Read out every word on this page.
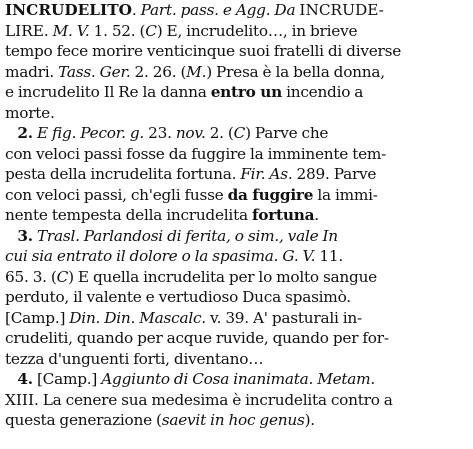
INCRUDELITO. Part. pass. e Agg. Da INCRUDE-
LIRE. M. V. 1. 52. (C) E, incrudelito…, in brieve
tempo fece morire venticinque suoi fratelli di diverse
madri. Tass. Ger. 2. 26. (M.) Presa è la bella donna,
e incrudelito Il Re la danna entro un incendio a
morte.
2. E fig. Pecor. g. 23. nov. 2. (C) Parve che
con veloci passi fosse da fuggire la imminente tem-
pesta della incrudelita fortuna. Fir. As. 289. Parve
con veloci passi, ch'egli fusse da fuggire la immi-
nente tempesta della incrudelita fortuna.
3. Trasl. Parlandosi di ferita, o sim., vale In
cui sia entrato il dolore o la spasima. G. V. 11.
65. 3. (C) E quella incrudelita per lo molto sangue
perduto, il valente e vertudioso Duca spasimò.
[Camp.] Din. Din. Mascalc. v. 39. A' pasturali in-
crudeliti, quando per acque ruvide, quando per for-
tezza d'unguenti forti, diventano…
4. [Camp.] Aggiunto di Cosa inanimata. Metam.
XIII. La cenere sua medesima è incrudelita contro a
questa generazione (saevit in hoc genus).
